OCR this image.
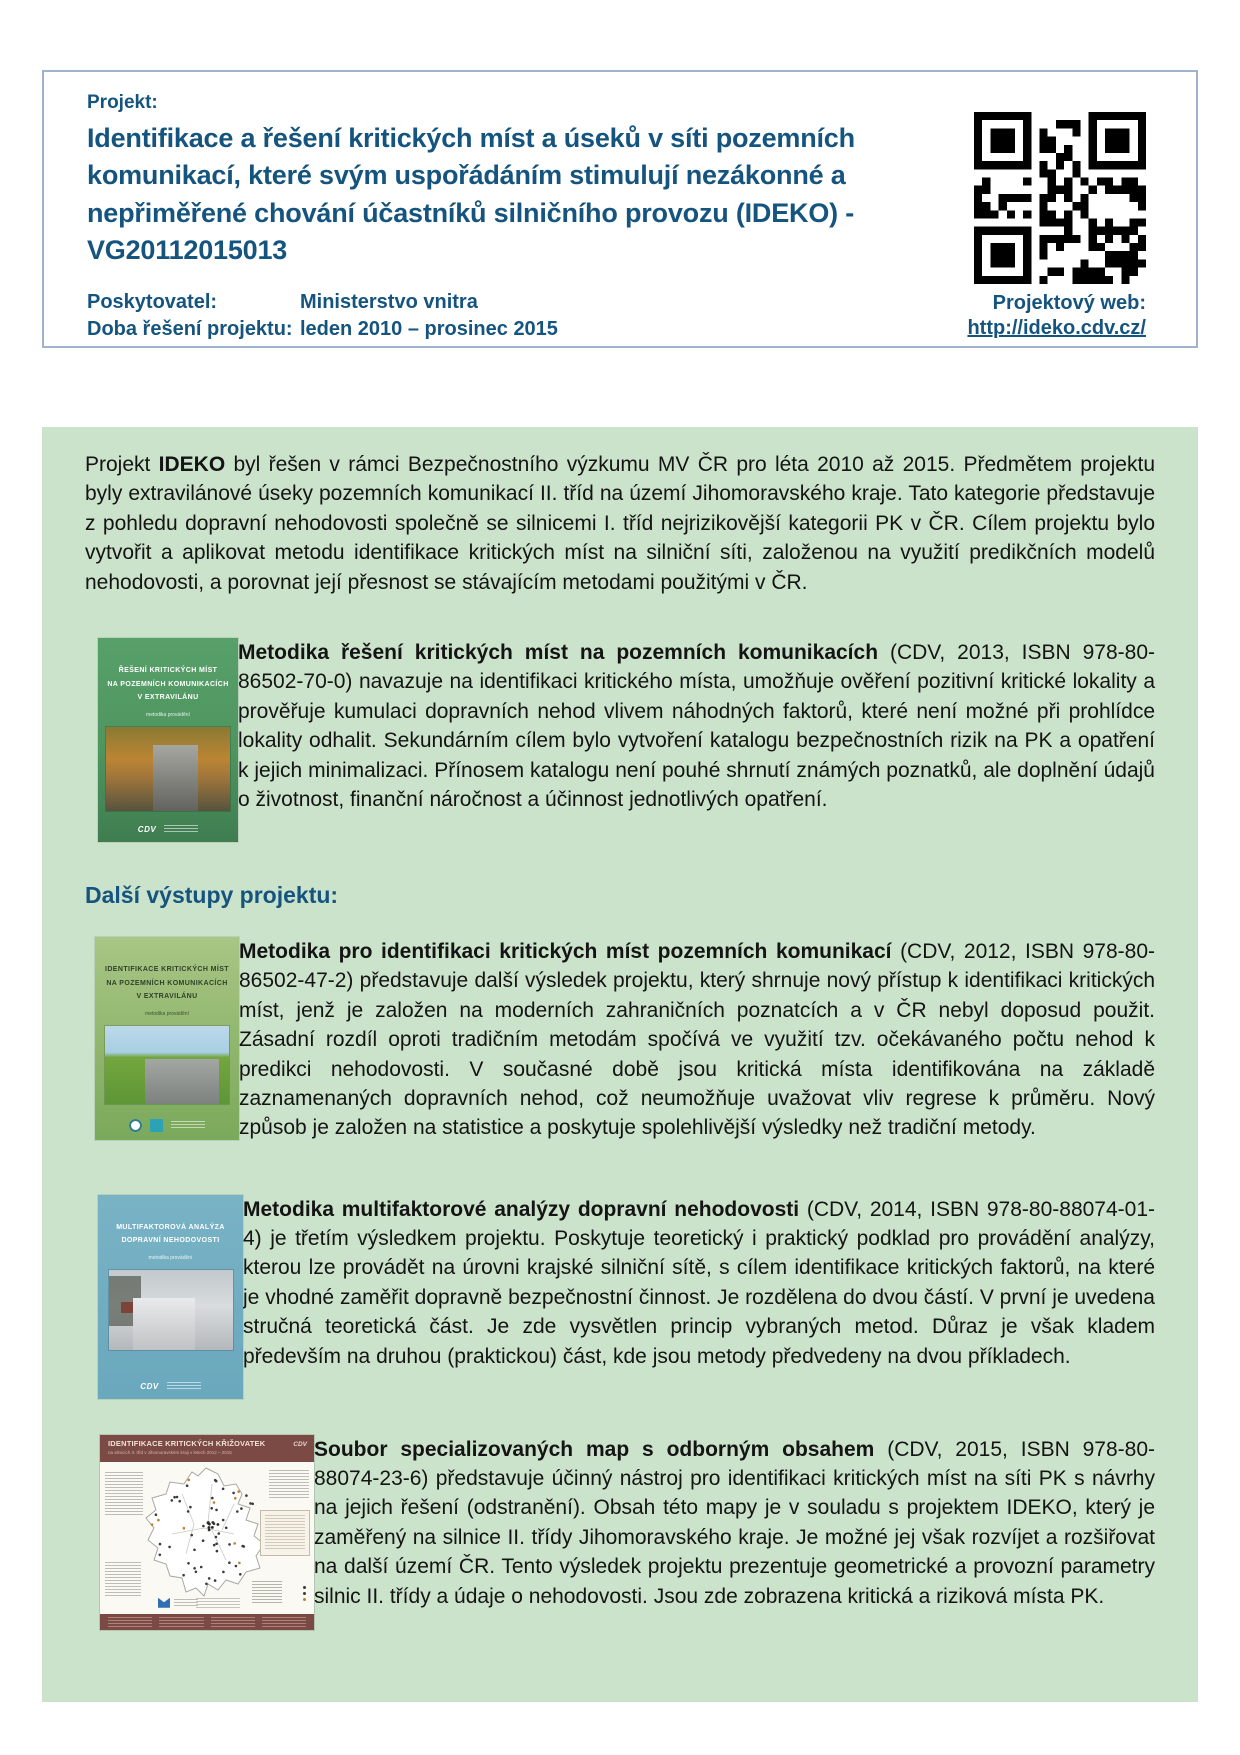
Projekt:
Identifikace a řešení kritických míst a úseků v síti pozemních komunikací, které svým uspořádáním stimulují nezákonné a nepřiměřené chování účastníků silničního provozu (IDEKO) - VG20112015013
Poskytovatel:	Ministerstvo vnitra
Doba řešení projektu: leden 2010 – prosinec 2015
Projektový web:
http://ideko.cdv.cz/

Projekt IDEKO byl řešen v rámci Bezpečnostního výzkumu MV ČR pro léta 2010 až 2015. Předmětem projektu byly extravilánové úseky pozemních komunikací II. tříd na území Jihomoravského kraje. Tato kategorie představuje z pohledu dopravní nehodovosti společně se silnicemi I. tříd nejrizikovější kategorii PK v ČR. Cílem projektu bylo vytvořit a aplikovat metodu identifikace kritických míst na silniční síti, založenou na využití predikčních modelů nehodovosti, a porovnat její přesnost se stávajícím metodami použitými v ČR.

ŘEŠENÍ KRITICKÝCH MÍST
NA POZEMNÍCH KOMUNIKACÍCH
V EXTRAVILÁNU
metodika provádění
CDV

Metodika řešení kritických míst na pozemních komunikacích (CDV, 2013, ISBN 978-80-86502-70-0) navazuje na identifikaci kritického místa, umožňuje ověření pozitivní kritické lokality a prověřuje kumulaci dopravních nehod vlivem náhodných faktorů, které není možné při prohlídce lokality odhalit. Sekundárním cílem bylo vytvoření katalogu bezpečnostních rizik na PK a opatření k jejich minimalizaci. Přínosem katalogu není pouhé shrnutí známých poznatků, ale doplnění údajů o životnost, finanční náročnost a účinnost jednotlivých opatření.

Další výstupy projektu:
IDENTIFIKACE KRITICKÝCH MÍST
NA POZEMNÍCH KOMUNIKACÍCH
V EXTRAVILÁNU
metodika provádění

Metodika pro identifikaci kritických míst pozemních komunikací (CDV, 2012, ISBN 978-80-86502-47-2) představuje další výsledek projektu, který shrnuje nový přístup k identifikaci kritických míst, jenž je založen na moderních zahraničních poznatcích a v ČR nebyl doposud použit. Zásadní rozdíl oproti tradičním metodám spočívá ve využití tzv. očekávaného počtu nehod k predikci nehodovosti. V současné době jsou kritická místa identifikována na základě zaznamenaných dopravních nehod, což neumožňuje uvažovat vliv regrese k průměru. Nový způsob je založen na statistice a poskytuje spolehlivější výsledky než tradiční metody.

MULTIFAKTOROVÁ ANALÝZA
DOPRAVNÍ NEHODOVOSTI
metodika provádění
CDV

Metodika multifaktorové analýzy dopravní nehodovosti (CDV, 2014, ISBN 978-80-88074-01-4) je třetím výsledkem projektu. Poskytuje teoretický i praktický podklad pro provádění analýzy, kterou lze provádět na úrovni krajské silniční sítě, s cílem identifikace kritických faktorů, na které je vhodné zaměřit dopravně bezpečnostní činnost. Je rozdělena do dvou částí. V první je uvedena stručná teoretická část. Je zde vysvětlen princip vybraných metod. Důraz je však kladem především na druhou (praktickou) část, kde jsou metody předvedeny na dvou příkladech.

IDENTIFIKACE KRITICKÝCH KŘIŽOVATEK
na silnicích II. tříd v Jihomoravském kraji v letech 2012 – 2015
CDV Soubor specializovaných map s odborným obsahem (CDV, 2015, ISBN 978-80-88074-23-6) představuje účinný nástroj pro identifikaci kritických míst na síti PK s návrhy na jejich řešení (odstranění). Obsah této mapy je v souladu s projektem IDEKO, který je zaměřený na silnice II. třídy Jihomoravského kraje. Je možné jej však rozvíjet a rozšiřovat na další území ČR. Tento výsledek projektu prezentuje geometrické a provozní parametry silnic II. třídy a údaje o nehodovosti. Jsou zde zobrazena kritická a riziková místa PK.
